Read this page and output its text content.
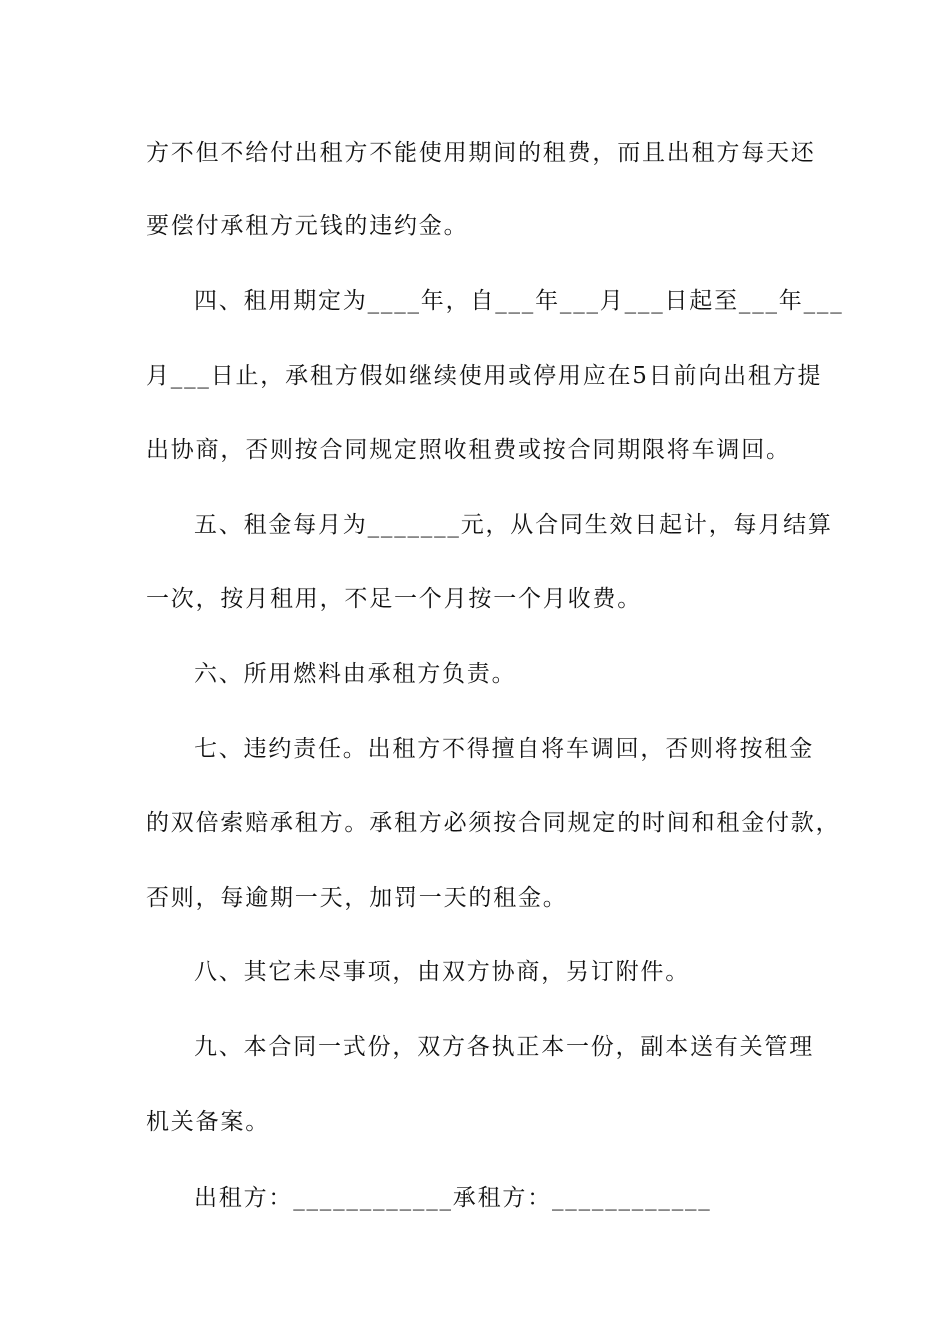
方不但不给付出租方不能使用期间的租费，而且出租方每天还
要偿付承租方元钱的违约金。
四、租用期定为____年，自___年___月___日起至___年___
月___日止，承租方假如继续使用或停用应在5日前向出租方提
出协商，否则按合同规定照收租费或按合同期限将车调回。
五、租金每月为_______元，从合同生效日起计，每月结算
一次，按月租用，不足一个月按一个月收费。
六、所用燃料由承租方负责。
七、违约责任。出租方不得擅自将车调回，否则将按租金
的双倍索赔承租方。承租方必须按合同规定的时间和租金付款，
否则，每逾期一天，加罚一天的租金。
八、其它未尽事项，由双方协商，另订附件。
九、本合同一式份，双方各执正本一份，副本送有关管理
机关备案。
出租方：____________承租方：____________
